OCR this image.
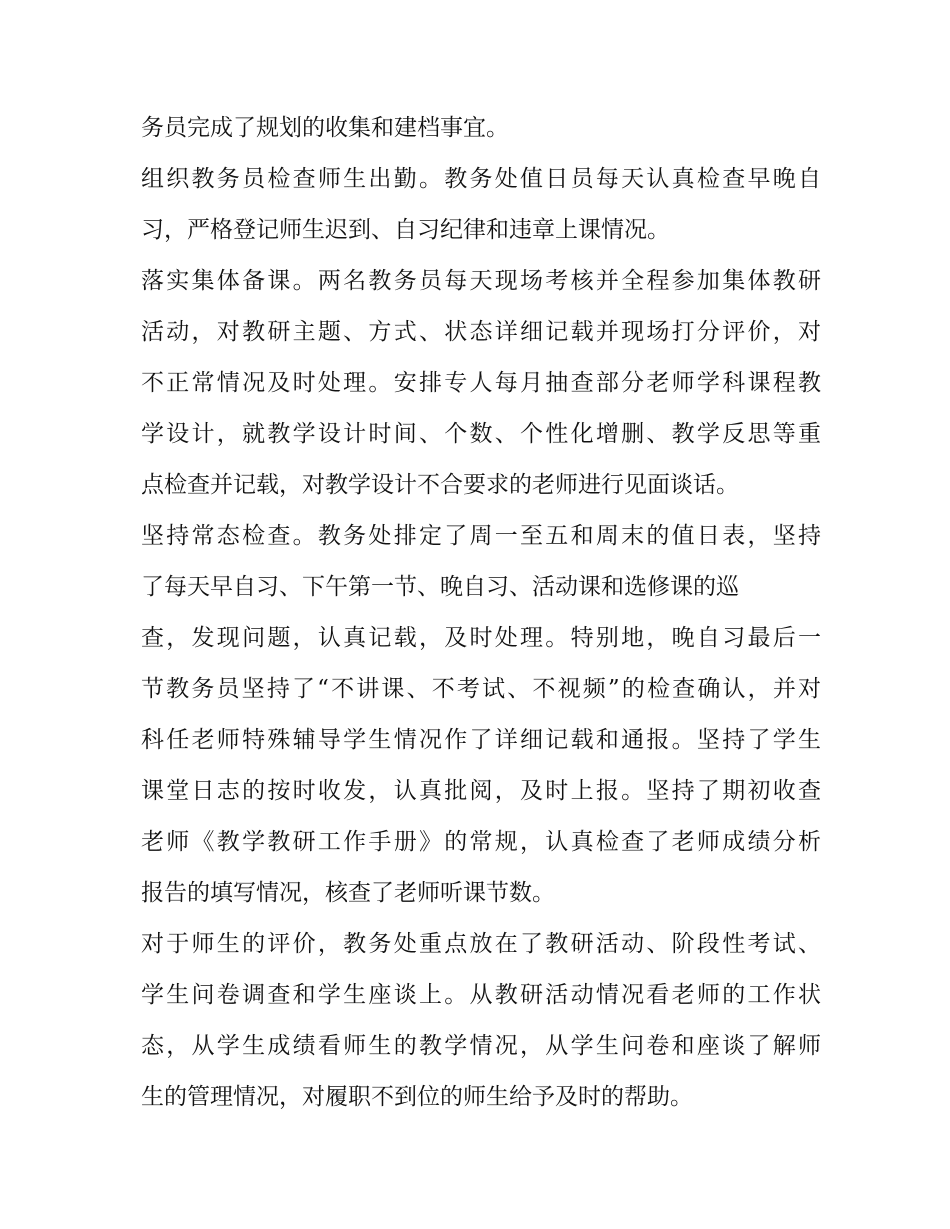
务员完成了规划的收集和建档事宜。
组织教务员检查师生出勤。教务处值日员每天认真检查早晚自
习，严格登记师生迟到、自习纪律和违章上课情况。
落实集体备课。两名教务员每天现场考核并全程参加集体教研
活动，对教研主题、方式、状态详细记载并现场打分评价，对
不正常情况及时处理。安排专人每月抽查部分老师学科课程教
学设计，就教学设计时间、个数、个性化增删、教学反思等重
点检查并记载，对教学设计不合要求的老师进行见面谈话。
坚持常态检查。教务处排定了周一至五和周末的值日表，坚持
了每天早自习、下午第一节、晚自习、活动课和选修课的巡
查，发现问题，认真记载，及时处理。特别地，晚自习最后一
节教务员坚持了“不讲课、不考试、不视频”的检查确认，并对
科任老师特殊辅导学生情况作了详细记载和通报。坚持了学生
课堂日志的按时收发，认真批阅，及时上报。坚持了期初收查
老师《教学教研工作手册》的常规，认真检查了老师成绩分析
报告的填写情况，核查了老师听课节数。
对于师生的评价，教务处重点放在了教研活动、阶段性考试、
学生问卷调查和学生座谈上。从教研活动情况看老师的工作状
态，从学生成绩看师生的教学情况，从学生问卷和座谈了解师
生的管理情况，对履职不到位的师生给予及时的帮助。
